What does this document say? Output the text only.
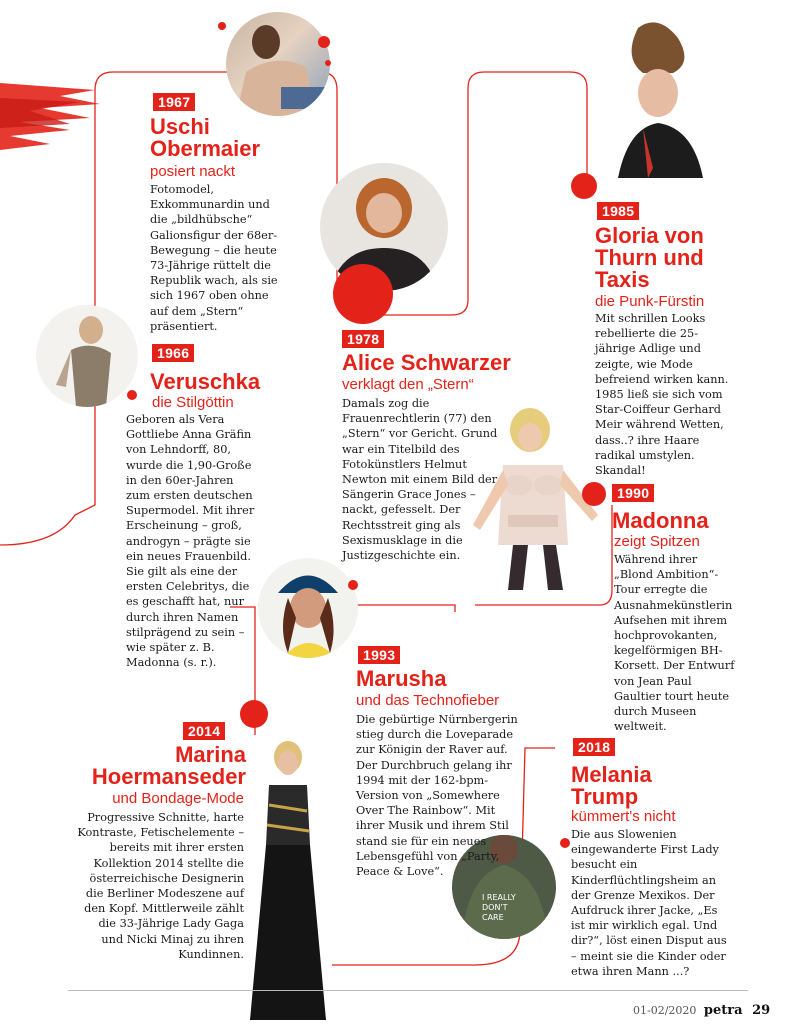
I REALLY
DON'T
CARE
1967
Uschi
Obermaier
posiert nackt
Fotomodel, Exkommunardin und die „bildhübsche“ Galionsfigur der 68er-Bewegung – die heute 73-Jährige rüttelt die Republik wach, als sie sich 1967 oben ohne auf dem „Stern“ präsentiert.
1966
Veruschka
die Stilgöttin
Geboren als Vera Gottliebe Anna Gräfin von Lehndorff, 80, wurde die 1,90-Große in den 60er-Jahren zum ersten deutschen Supermodel. Mit ihrer Erscheinung – groß, androgyn – prägte sie ein neues Frauenbild. Sie gilt als eine der ersten Celebritys, die es geschafft hat, nur durch ihren Namen stilprägend zu sein – wie später z. B. Madonna (s. r.).
1978
Alice Schwarzer
verklagt den „Stern“
Damals zog die Frauenrechtlerin (77) den „Stern“ vor Gericht. Grund war ein Titelbild des Fotokünstlers Helmut Newton mit einem Bild der Sängerin Grace Jones – nackt, gefesselt. Der Rechtsstreit ging als Sexismusklage in die Justizgeschichte ein.
1985
Gloria von
Thurn und
Taxis
die Punk-Fürstin
Mit schrillen Looks rebellierte die 25-jährige Adlige und zeigte, wie Mode befreiend wirken kann. 1985 ließ sie sich vom Star-Coiffeur Gerhard Meir während Wetten, dass..? ihre Haare radikal umstylen. Skandal!
1990
Madonna
zeigt Spitzen
Während ihrer „Blond Ambition“-Tour erregte die Ausnahmekünstlerin Aufsehen mit ihrem hochprovokanten, kegelförmigen BH-Korsett. Der Entwurf von Jean Paul Gaultier tourt heute durch Museen weltweit.
1993
Marusha
und das Technofieber
Die gebürtige Nürnbergerin stieg durch die Loveparade zur Königin der Raver auf. Der Durchbruch gelang ihr 1994 mit der 162-bpm-Version von „Somewhere Over The Rainbow“. Mit ihrer Musik und ihrem Stil stand sie für ein neues Lebensgefühl von „Party, Peace & Love“.
2014
Marina
Hoermanseder
und Bondage-Mode
Progressive Schnitte, harte Kontraste, Fetischelemente – bereits mit ihrer ersten Kollektion 2014 stellte die österreichische Designerin die Berliner Modeszene auf den Kopf. Mittlerweile zählt die 33-Jährige Lady Gaga und Nicki Minaj zu ihren Kundinnen.
2018
Melania
Trump
kümmert's nicht
Die aus Slowenien eingewanderte First Lady besucht ein Kinderflüchtlingsheim an der Grenze Mexikos. Der Aufdruck ihrer Jacke, „Es ist mir wirklich egal. Und dir?“, löst einen Disput aus – meint sie die Kinder oder etwa ihren Mann ...?
01-02/2020 petra 29
